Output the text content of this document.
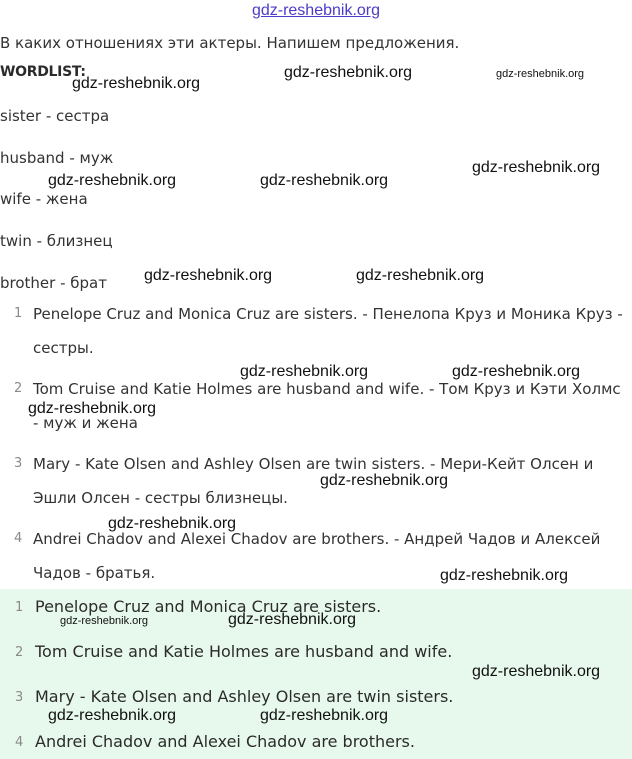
gdz-reshebnik.org
В каких отношениях эти актеры. Напишем предложения.
WORDLIST:
sister - сестра
husband - муж
wife - жена
twin - близнец
brother - брат
1 Penelope Cruz and Monica Cruz are sisters. - Пенелопа Круз и Моника Круз - сестры.
2 Tom Cruise and Katie Holmes are husband and wife. - Том Круз и Кэти Холмс - муж и жена
3 Mary - Kate Olsen and Ashley Olsen are twin sisters. - Мери-Кейт Олсен и Эшли Олсен - сестры близнецы.
4 Andrei Chadov and Alexei Chadov are brothers. - Андрей Чадов и Алексей Чадов - братья.
1 Penelope Cruz and Monica Cruz are sisters.
2 Tom Cruise and Katie Holmes are husband and wife.
3 Mary - Kate Olsen and Ashley Olsen are twin sisters.
4 Andrei Chadov and Alexei Chadov are brothers.
gdz-reshebnik.org
gdz-reshebnik.org	gdz-reshebnik.org
gdz-reshebnik.org
gdz-reshebnik.org	gdz-reshebnik.org
gdz-reshebnik.org	gdz-reshebnik.org
gdz-reshebnik.org	gdz-reshebnik.org
gdz-reshebnik.org
gdz-reshebnik.org
gdz-reshebnik.org
gdz-reshebnik.org
gdz-reshebnik.org	gdz-reshebnik.org
gdz-reshebnik.org
gdz-reshebnik.org	gdz-reshebnik.org
